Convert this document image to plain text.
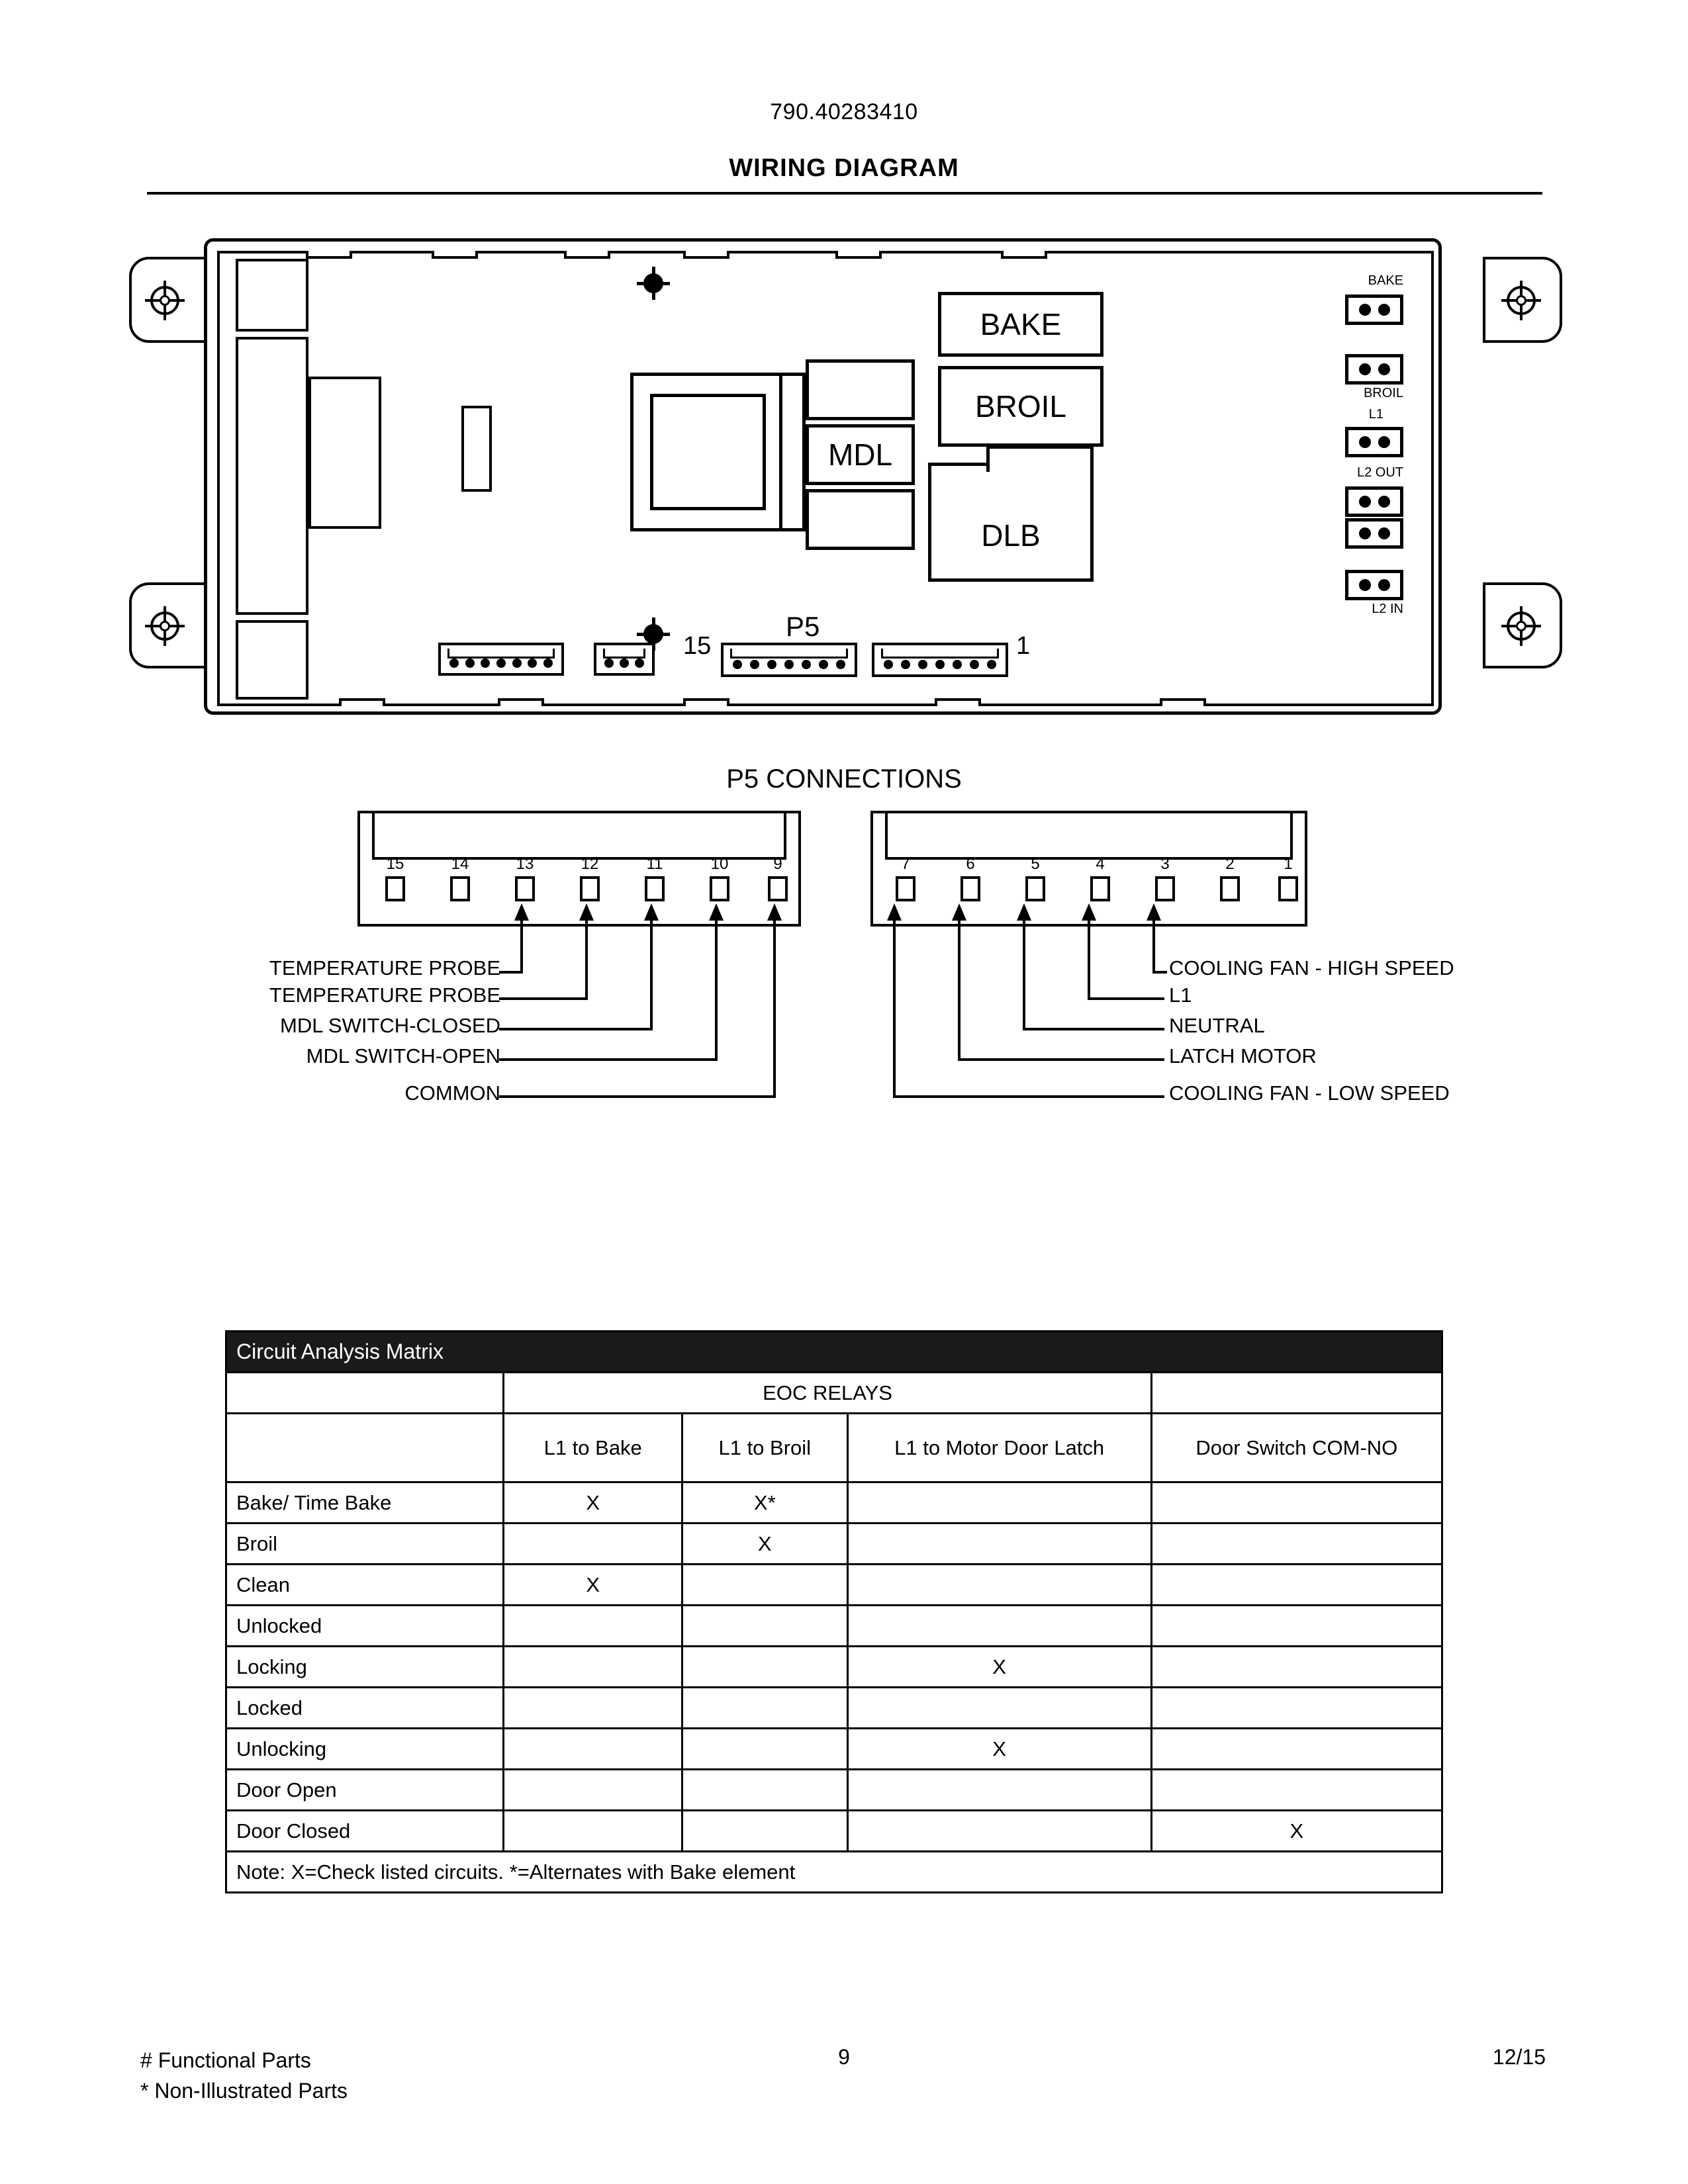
790.40283410
WIRING DIAGRAM
MDL
BAKE
BROIL
DLB
BAKE
BROIL
L1
L2 OUT
L2 IN
P5
15	1
P5 CONNECTIONS
15	14	13	12	11	10	9
TEMPERATURE PROBE
TEMPERATURE PROBE
MDL SWITCH-CLOSED
MDL SWITCH-OPEN
COMMON
7	6	5	4	3	2	1
COOLING FAN - HIGH SPEED
L1
NEUTRAL
LATCH MOTOR
COOLING FAN - LOW SPEED
Circuit Analysis Matrix				
	EOC RELAYS			
	L1 to Bake	L1 to Broil	L1 to Motor Door Latch	Door Switch COM-NO
Bake/ Time Bake	X	X*		
Broil		X		
Clean	X			
Unlocked				
Locking			X	
Locked				
Unlocking			X	
Door Open				
Door Closed				X
Note: X=Check listed circuits. *=Alternates with Bake element				
# Functional Parts
* Non-Illustrated Parts
9	12/15
